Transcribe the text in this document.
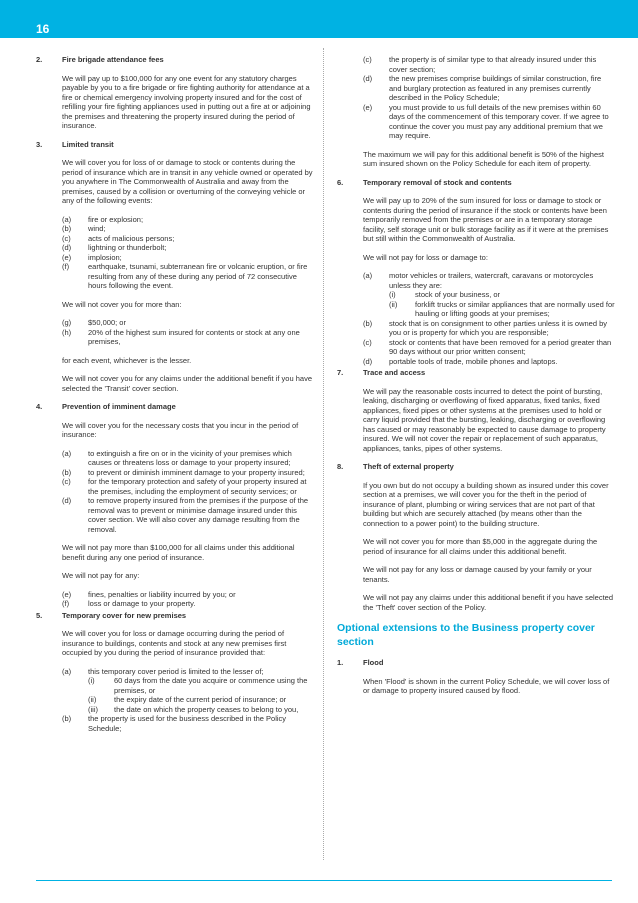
16
2.	Fire brigade attendance fees

We will pay up to $100,000 for any one event for any statutory charges payable by you to a fire brigade or fire fighting authority for attendance at a fire or chemical emergency involving property insured and for the cost of refilling your fire fighting appliances used in putting out a fire at or adjoining the premises and threatening the property insured during the period of insurance.

3.	Limited transit

We will cover you for loss of or damage to stock or contents during the period of insurance which are in transit in any vehicle owned or operated by you anywhere in The Commonwealth of Australia and away from the premises, caused by a collision or overturning of the conveying vehicle or any of the following events:

(a) fire or explosion;
(b) wind;
(c) acts of malicious persons;
(d) lightning or thunderbolt;
(e) implosion;
(f)	earthquake, tsunami, subterranean fire or volcanic eruption, or fire resulting from any of these during any period of 72 consecutive hours following the event.

We will not cover you for more than:

(g) $50,000; or
(h) 20% of the highest sum insured for contents or stock at any one premises,

for each event, whichever is the lesser.

We will not cover you for any claims under the additional benefit if you have selected the 'Transit' cover section.

4.	Prevention of imminent damage

We will cover you for the necessary costs that you incur in the period of insurance:

(a) to extinguish a fire on or in the vicinity of your premises which causes or threatens loss or damage to your property insured;
(b) to prevent or diminish imminent damage to your property insured;
(c) for the temporary protection and safety of your property insured at the premises, including the employment of security services; or
(d) to remove property insured from the premises if the purpose of the removal was to prevent or minimise damage insured under this cover section. We will also cover any damage resulting from the removal.

We will not pay more than $100,000 for all claims under this additional benefit during any one period of insurance.

We will not pay for any:

(e) fines, penalties or liability incurred by you; or
(f)	loss or damage to your property.
5.	Temporary cover for new premises

We will cover you for loss or damage occurring during the period of insurance to buildings, contents and stock at any new premises first occupied by you during the period of insurance provided that:

(a) this temporary cover period is limited to the lesser of;
(i)	60 days from the date you acquire or commence using the premises, or
(ii) the expiry date of the current period of insurance; or
(iii) the date on which the property ceases to belong to you,
(b) the property is used for the business described in the Policy Schedule;
(c) the property is of similar type to that already insured under this cover section;
(d) the new premises comprise buildings of similar construction, fire and burglary protection as featured in any premises currently described in the Policy Schedule;
(e) you must provide to us full details of the new premises within 60 days of the commencement of this temporary cover. If we agree to continue the cover you must pay any additional premium that we may require.

The maximum we will pay for this additional benefit is 50% of the highest sum insured shown on the Policy Schedule for each item of property.

6.	Temporary removal of stock and contents

We will pay up to 20% of the sum insured for loss or damage to stock or contents during the period of insurance if the stock or contents have been temporarily removed from the premises or are in a temporary storage facility, self storage unit or bulk storage facility as if it were at the premises but still within the Commonwealth of Australia.

We will not pay for loss or damage to:

(a) motor vehicles or trailers, watercraft, caravans or motorcycles unless they are:
(i)	stock of your business, or
(ii) forklift trucks or similar appliances that are normally used for hauling or lifting goods at your premises;
(b) stock that is on consignment to other parties unless it is owned by you or is property for which you are responsible;
(c) stock or contents that have been removed for a period greater than 90 days without our prior written consent;
(d) portable tools of trade, mobile phones and laptops.
7.	Trace and access

We will pay the reasonable costs incurred to detect the point of bursting, leaking, discharging or overflowing of fixed apparatus, fixed tanks, fixed appliances, fixed pipes or other systems at the premises used to hold or carry liquid provided that the bursting, leaking, discharging or overflowing has caused or may reasonably be expected to cause damage to property insured. We will not cover the repair or replacement of such apparatus, appliances, tanks, pipes of other systems.

8.	Theft of external property

If you own but do not occupy a building shown as insured under this cover section at a premises, we will cover you for the theft in the period of insurance of plant, plumbing or wiring services that are not part of that building but which are securely attached (by means other than the connection to a power point) to the building structure.

We will not cover you for more than $5,000 in the aggregate during the period of insurance for all claims under this additional benefit.

We will not pay for any loss or damage caused by your family or your tenants.

We will not pay any claims under this additional benefit if you have selected the 'Theft' cover section of the Policy.

Optional extensions to the Business property cover section
1.	Flood

When 'Flood' is shown in the current Policy Schedule, we will cover loss of or damage to property insured caused by flood.
